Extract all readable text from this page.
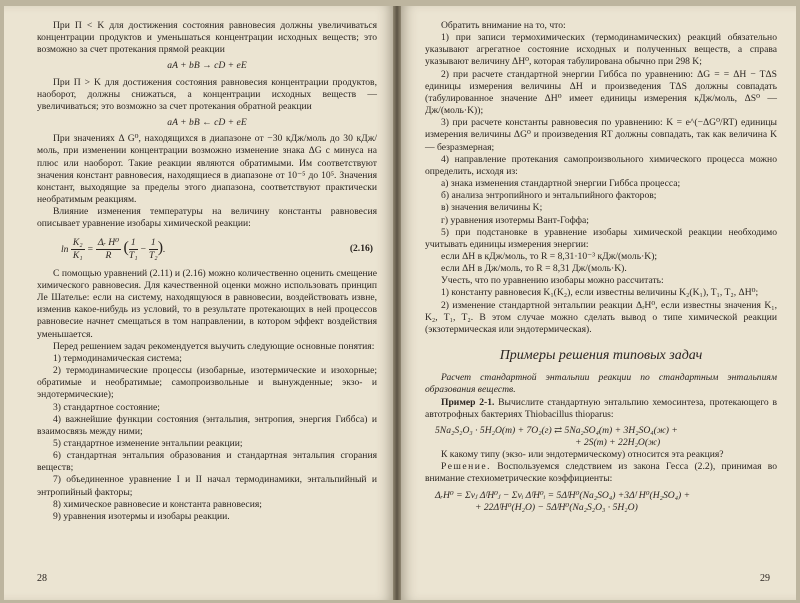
При П < K для достижения состояния равновесия должны увеличиваться концентрации продуктов и уменьшаться концентрации исходных веществ; это возможно за счет протекания прямой реакции

aA + bB → cD + eE

При П > K для достижения состояния равновесия концентрации продуктов, наоборот, должны снижаться, а концентрации исходных веществ — увеличиваться; это возможно за счет протекания обратной реакции

aA + bB ← cD + eE

При значениях Δ G⁰, находящихся в диапазоне от −30 кДж/моль до 30 кДж/моль, при изменении концентрации возможно изменение знака ΔG с минуса на плюс или наоборот. Такие реакции являются обратимыми. Им соответствуют значения констант равновесия, находящиеся в диапазоне от 10⁻⁵ до 10⁵. Значения констант, выходящие за пределы этого диапазона, соответствуют практически необратимым реакциям.

Влияние изменения температуры на величину константы равновесия описывает уравнение изобары химической реакции:

$\ln \frac{\text{K₂}}{\text{K₁}} = \frac{\text{Δᵣ H⁰}}{R}$ ( $\frac{1}{\text{T₁}} - \frac{1}{\text{T₂}}$ ).	(2.16)

С помощью уравнений (2.11) и (2.16) можно количественно оценить смещение химического равновесия. Для качественной оценки можно использовать принцип Ле Шателье: если на систему, находящуюся в равновесии, воздействовать извне, изменив какое-нибудь из условий, то в результате протекающих в ней процессов равновесие начнет смещаться в том направлении, в котором эффект воздействия уменьшается.

Перед решением задач рекомендуется выучить следующие основные понятия:

1) термодинамическая система;

2) термодинамические процессы (изобарные, изотермические и изохорные; обратимые и необратимые; самопроизвольные и вынужденные; экзо- и эндотермические);

3) стандартное состояние;

4) важнейшие функции состояния (энтальпия, энтропия, энергия Гиббса) и взаимосвязь между ними;

5) стандартное изменение энтальпии реакции;

6) стандартная энтальпия образования и стандартная энтальпия сгорания веществ;

7) объединенное уравнение I и II начал термодинамики, энтальпийный и энтропийный факторы;

8) химическое равновесие и константа равновесия;

9) уравнения изотермы и изобары реакции.

28

Обратить внимание на то, что:

1) при записи термохимических (термодинамических) реакций обязательно указывают агрегатное состояние исходных и полученных веществ, а справа указывают величину ΔH⁰, которая табулирована обычно при 298 K;

2) при расчете стандартной энергии Гиббса по уравнению: ΔG = = ΔH − TΔS единицы измерения величины ΔH и произведения TΔS должны совпадать (табулированное значение ΔH⁰ имеет единицы измерения кДж/моль, ΔS⁰ — Дж/(моль·K));

3) при расчете константы равновесия по уравнению: K = e^(−ΔG⁰/RT) единицы измерения величины ΔG⁰ и произведения RT должны совпадать, так как величина K — безразмерная;

4) направление протекания самопроизвольного химического процесса можно определить, исходя из:

а) знака изменения стандартной энергии Гиббса процесса;

б) анализа энтропийного и энтальпийного факторов;

в) значения величины K;

г) уравнения изотермы Вант-Гоффа;

5) при подстановке в уравнение изобары химической реакции необходимо учитывать единицы измерения энергии:

если ΔH в кДж/моль, то R = 8,31·10⁻³ кДж/(моль·K);

если ΔH в Дж/моль, то R = 8,31 Дж/(моль·K).

Учесть, что по уравнению изобары можно рассчитать:

1) константу равновесия K₁(K₂), если известны величины K₂(K₁), T₁, T₂, ΔH⁰;

2) изменение стандартной энтальпии реакции ΔᵣH⁰, если известны значения K₁, K₂, T₁, T₂. В этом случае можно сделать вывод о типе химической реакции (экзотермическая или эндотермическая).

Примеры решения типовых задач

Расчет стандартной энтальпии реакции по стандартным энтальпиям образования веществ.

Пример 2-1. Вычислите стандартную энтальпию хемосинтеза, протекающего в автотрофных бактериях Thiobacillus thioparus:

5Na₂S₂O₃ · 5H₂O(т) + 7O₂(г) ⇄ 5Na₂SO₄(т) + 3H₂SO₄(ж) +

+ 2S(т) + 22H₂O(ж)

К какому типу (экзо- или эндотермическому) относится эта реакция?

Решение. Воспользуемся следствием из закона Гесса (2.2), принимая во внимание стехиометрические коэффициенты:

ΔᵣH⁰ = Σνⱼ ΔᶠH⁰ⱼ − Σνᵢ ΔᶠH⁰ᵢ = 5ΔᶠH⁰(Na₂SO₄) +3Δᶠ H⁰(H₂SO₄) +

+ 22ΔᶠH⁰(H₂O) − 5ΔᶠH⁰(Na₂S₂O₃ · 5H₂O)

29
